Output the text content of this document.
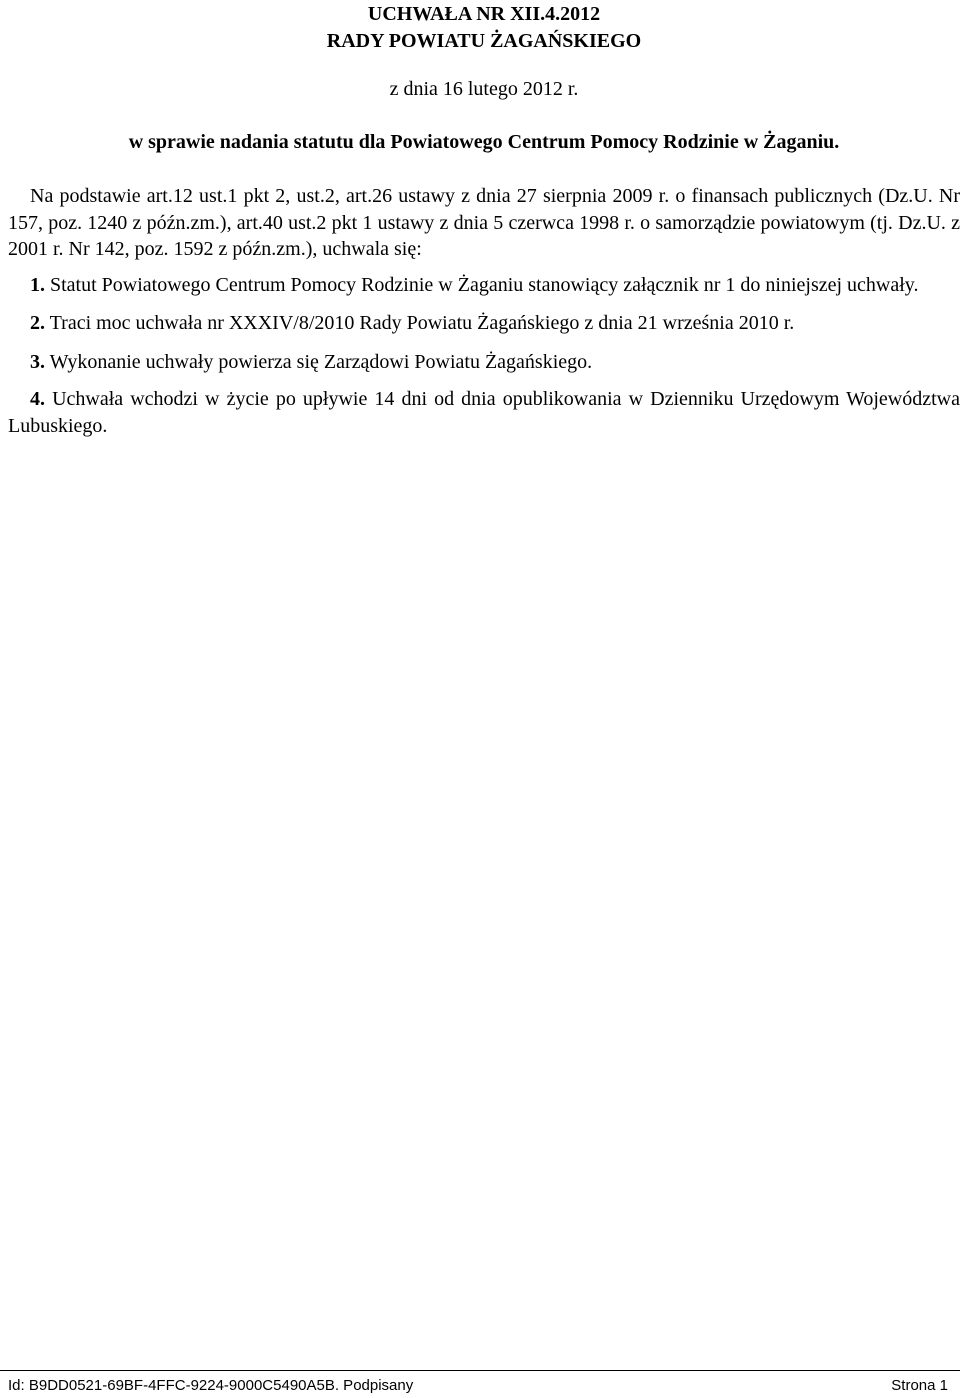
UCHWAŁA NR XII.4.2012
RADY POWIATU ŻAGAŃSKIEGO
z dnia 16 lutego 2012 r.
w sprawie nadania statutu dla Powiatowego Centrum Pomocy Rodzinie w Żaganiu.
Na podstawie art.12 ust.1 pkt 2, ust.2, art.26 ustawy z dnia 27 sierpnia 2009 r. o finansach publicznych (Dz.U. Nr 157, poz. 1240 z późn.zm.), art.40 ust.2 pkt 1 ustawy z dnia 5 czerwca 1998 r. o samorządzie powiatowym (tj. Dz.U. z 2001 r. Nr 142, poz. 1592 z późn.zm.), uchwala się:
1. Statut Powiatowego Centrum Pomocy Rodzinie w Żaganiu stanowiący załącznik nr 1 do niniejszej uchwały.
2. Traci moc uchwała nr XXXIV/8/2010 Rady Powiatu Żagańskiego z dnia 21 września 2010 r.
3. Wykonanie uchwały powierza się Zarządowi Powiatu Żagańskiego.
4. Uchwała wchodzi w życie po upływie 14 dni od dnia opublikowania w Dzienniku Urzędowym Województwa Lubuskiego.
Id: B9DD0521-69BF-4FFC-9224-9000C5490A5B. Podpisany	Strona 1
